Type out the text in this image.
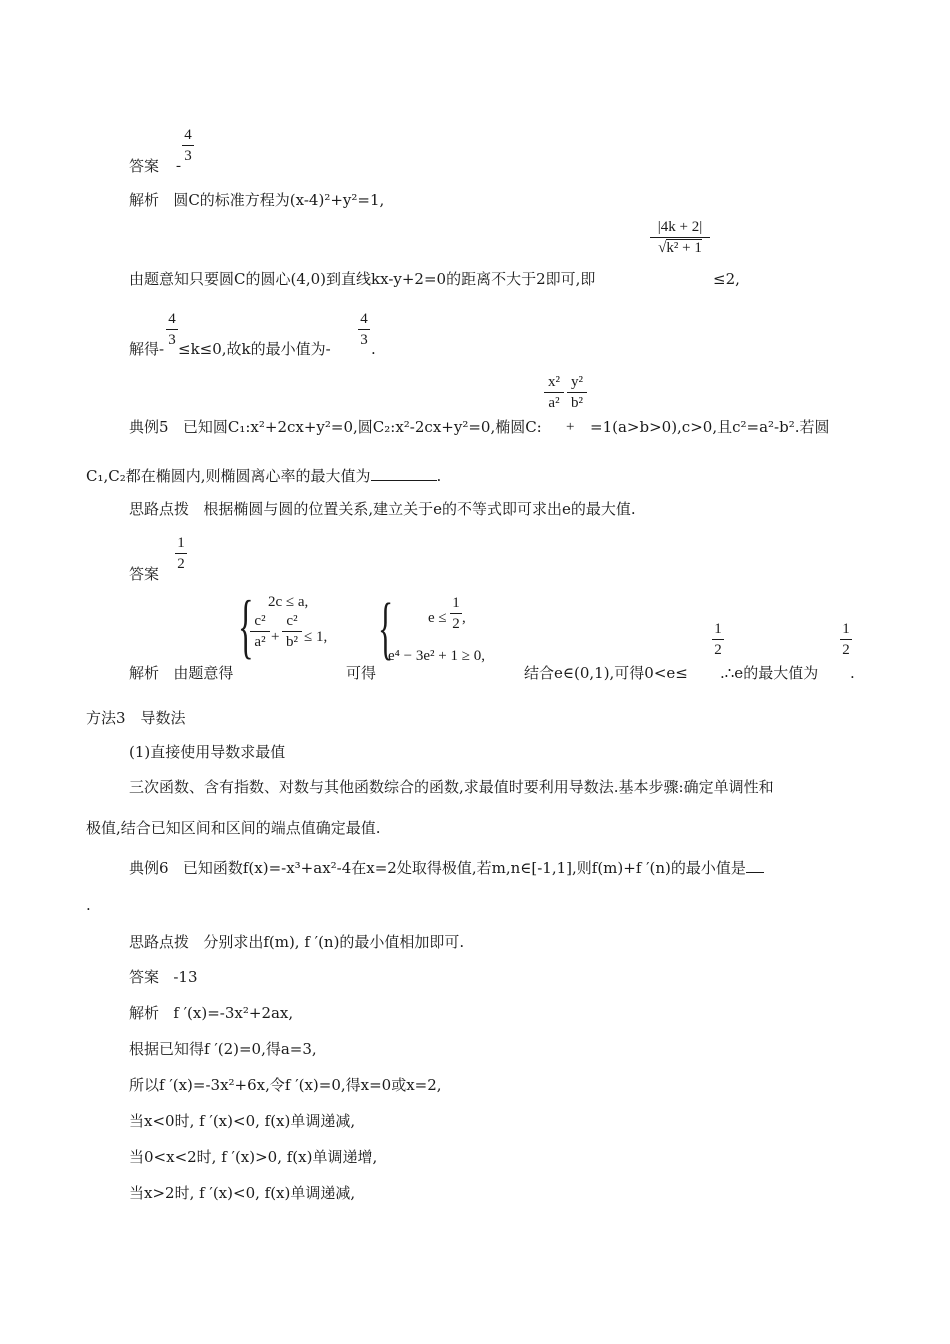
答案 -
4
3
解析 圆C的标准方程为(x-4)²+y²=1,
由题意知只要圆C的圆心(4,0)到直线kx-y+2=0的距离不大于2即可,即
|4k + 2|
√k² + 1
≤2,
解得-
4
3 ≤k≤0,故k的最小值为-
4
3 .
典例5 已知圆C₁:x²+2cx+y²=0,圆C₂:x²-2cx+y²=0,椭圆C:
x²
a²
y²
b²
+ =1(a>b>0),c>0,且c²=a²-b².若圆
C₁,C₂都在椭圆内,则椭圆离心率的最大值为	.
思路点拨 根据椭圆与圆的位置关系,建立关于e的不等式即可求出e的最大值.
答案
1
2
解析 由题意得
{ 2c ≤ a,
c²
a² +
c²
b² ≤ 1,
可得
{ e ≤
1
2 ,
e⁴ − 3e² + 1 ≥ 0,
结合e∈(0,1),可得0<e≤
1
2
.∴e的最大值为
1
2
.
方法3　导数法
(1)直接使用导数求最值
三次函数、含有指数、对数与其他函数综合的函数,求最值时要利用导数法.基本步骤:确定单调性和
极值,结合已知区间和区间的端点值确定最值.
典例6 已知函数f(x)=-x³+ax²-4在x=2处取得极值,若m,n∈[-1,1],则f(m)+f ′(n)的最小值是
.
思路点拨 分别求出f(m), f ′(n)的最小值相加即可.
答案 -13
解析 f ′(x)=-3x²+2ax,
根据已知得f ′(2)=0,得a=3,
所以f ′(x)=-3x²+6x,令f ′(x)=0,得x=0或x=2,
当x<0时, f ′(x)<0, f(x)单调递减,
当0<x<2时, f ′(x)>0, f(x)单调递增,
当x>2时, f ′(x)<0, f(x)单调递减,
